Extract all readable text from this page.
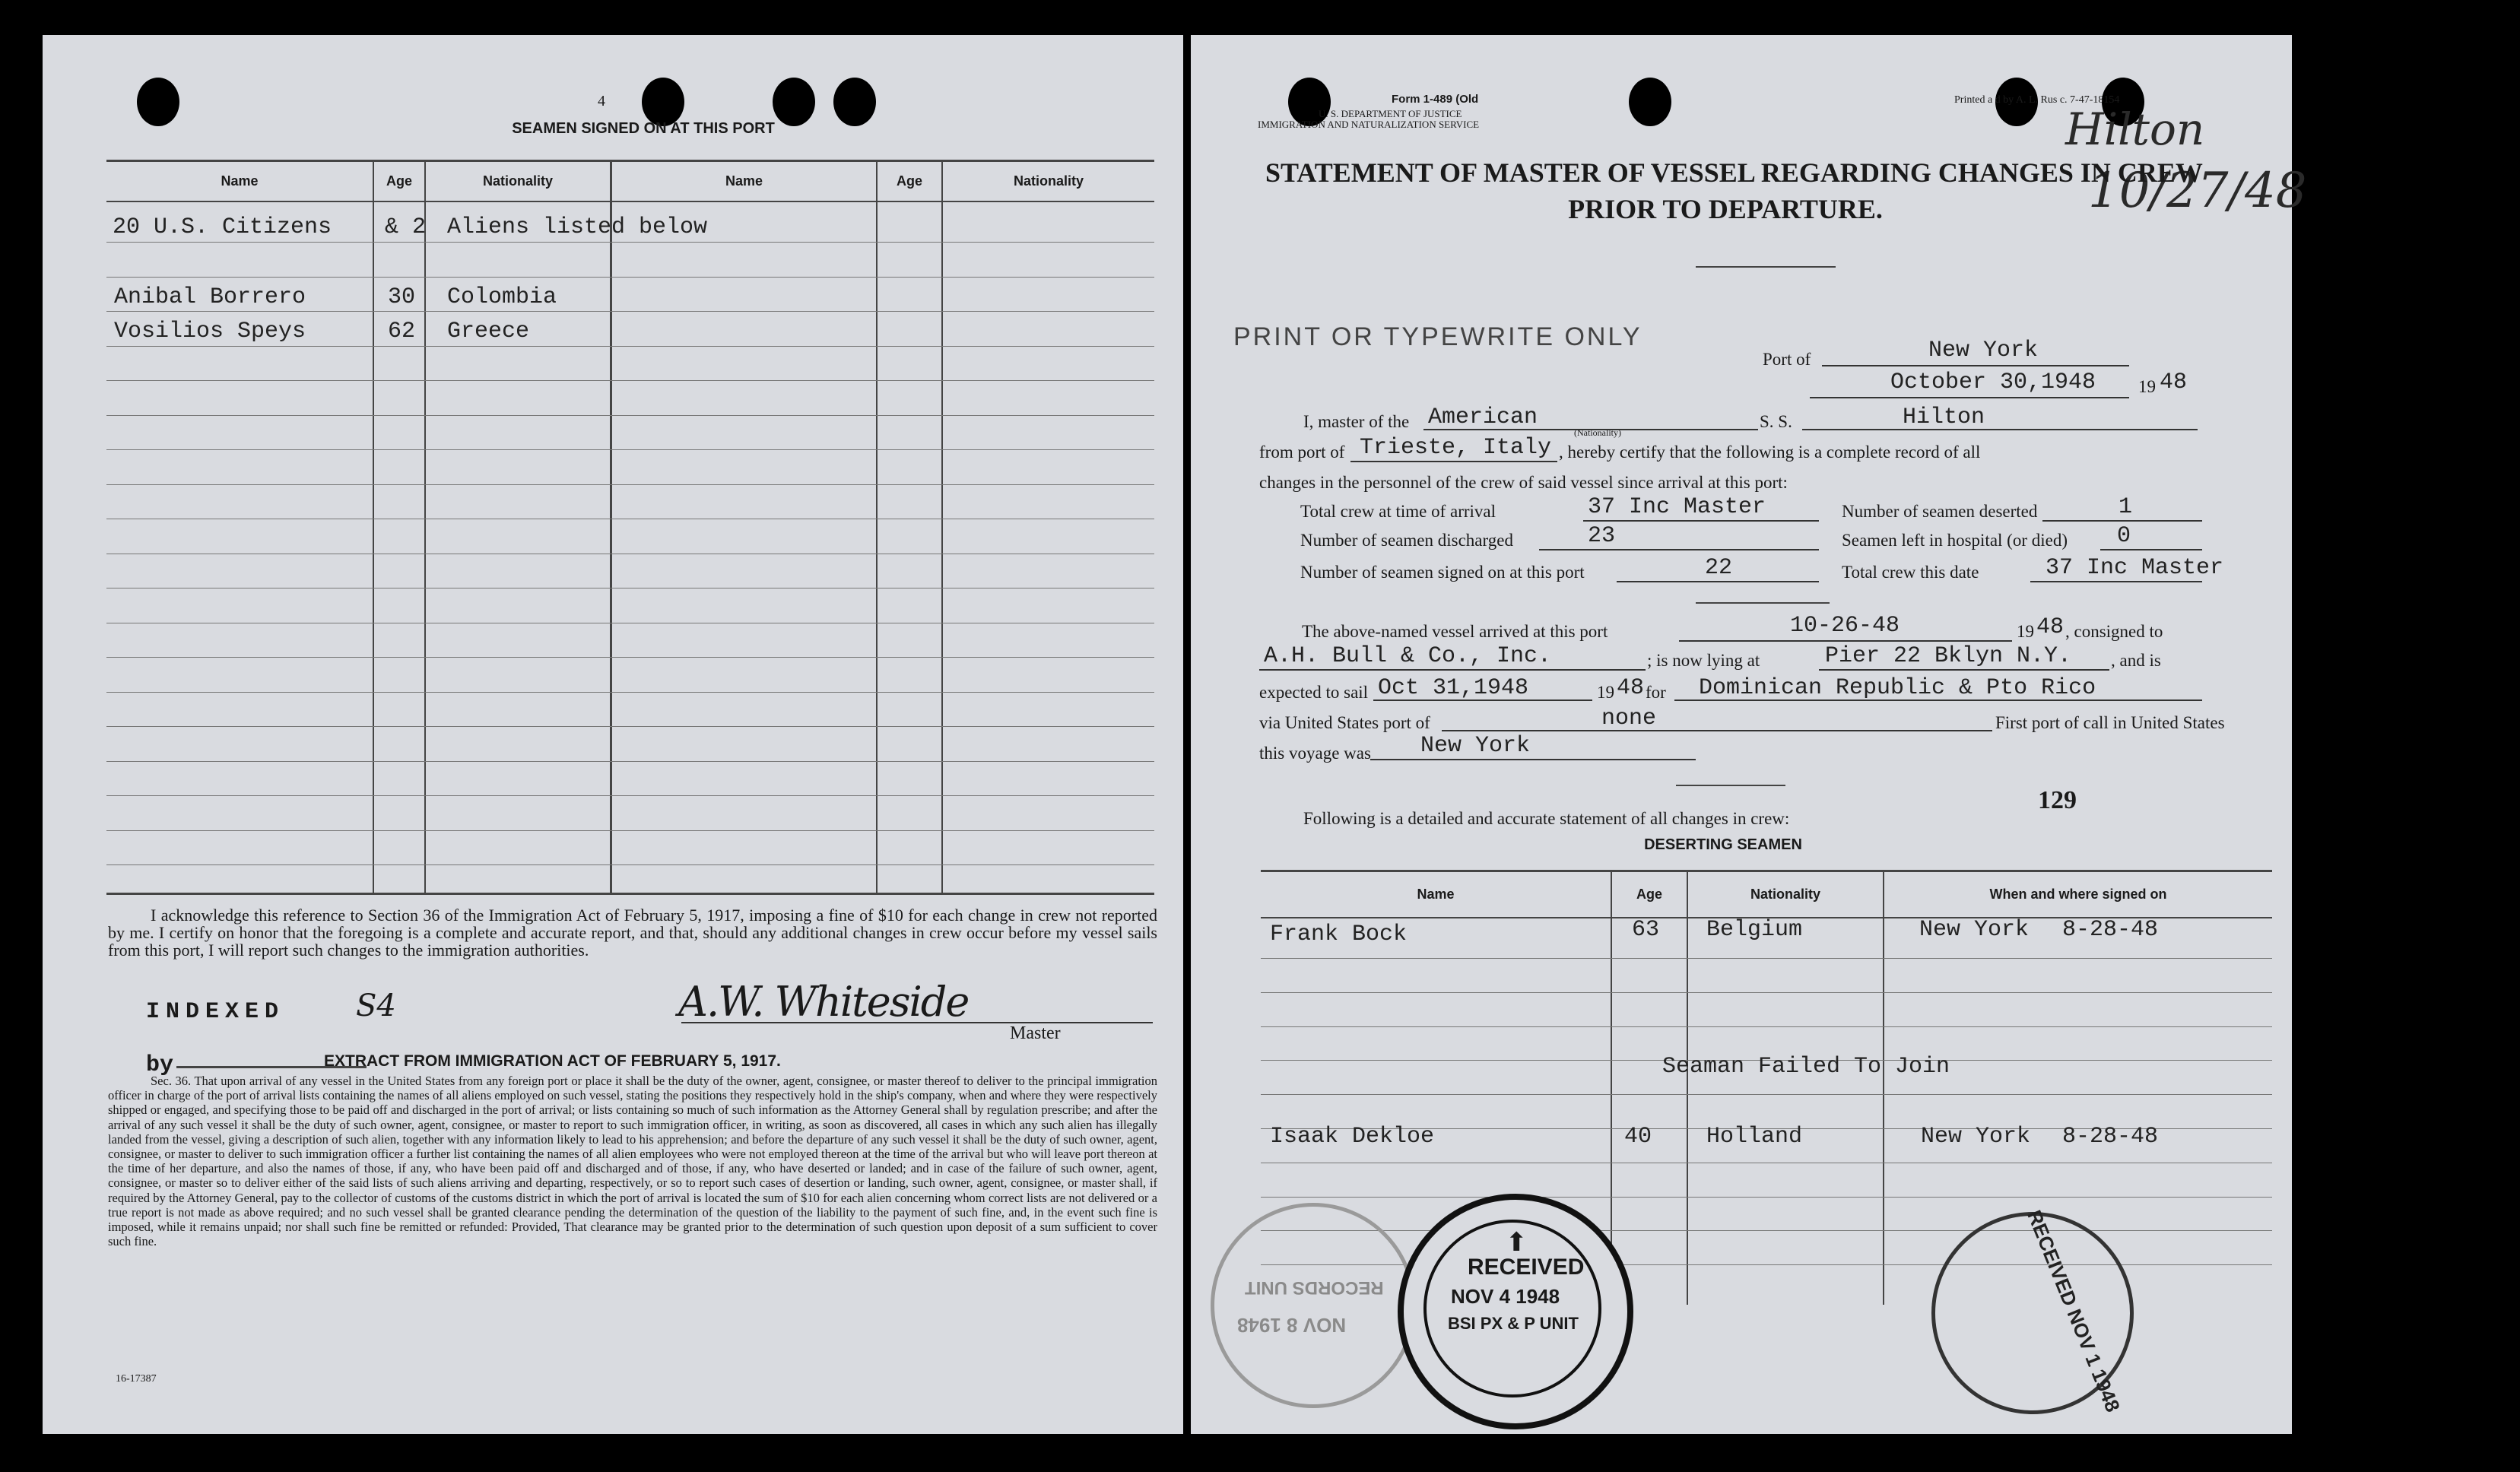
4
SEAMEN SIGNED ON AT THIS PORT
Name	Age	Nationality	Name	Age	Nationality
20 U.S. Citizens & 2 Aliens listed below
Anibal Borrero	30 Colombia
Vosilios Speys	62 Greece
I acknowledge this reference to Section 36 of the Immigration Act of February 5, 1917, imposing a fine of $10 for each change in crew not reported by me. I certify on honor that the foregoing is a complete and accurate report, and that, should any additional changes in crew occur before my vessel sails from this port, I will report such changes to the immigration authorities.
INDEXED S4	A.W. Whiteside
Master
by	EXTRACT FROM IMMIGRATION ACT OF FEBRUARY 5, 1917.
Sec. 36. That upon arrival of any vessel in the United States from any foreign port or place it shall be the duty of the owner, agent, consignee, or master thereof to deliver to the principal immigration officer in charge of the port of arrival lists containing the names of all aliens employed on such vessel, stating the positions they respectively hold in the ship's company, when and where they were respectively shipped or engaged, and specifying those to be paid off and discharged in the port of arrival; or lists containing so much of such information as the Attorney General shall by regulation prescribe; and after the arrival of any such vessel it shall be the duty of such owner, agent, consignee, or master to report to such immigration officer, in writing, as soon as discovered, all cases in which any such alien has illegally landed from the vessel, giving a description of such alien, together with any information likely to lead to his apprehension; and before the departure of any such vessel it shall be the duty of such owner, agent, consignee, or master to deliver to such immigration officer a further list containing the names of all alien employees who were not employed thereon at the time of the arrival but who will leave port thereon at the time of her departure, and also the names of those, if any, who have been paid off and discharged and of those, if any, who have deserted or landed; and in case of the failure of such owner, agent, consignee, or master so to deliver either of the said lists of such aliens arriving and departing, respectively, or so to report such cases of desertion or landing, such owner, agent, consignee, or master shall, if required by the Attorney General, pay to the collector of customs of the customs district in which the port of arrival is located the sum of $10 for each alien concerning whom correct lists are not delivered or a true report is not made as above required; and no such vessel shall be granted clearance pending the determination of the question of the liability to the payment of such fine, and, in the event such fine is imposed, while it remains unpaid; nor shall such fine be remitted or refunded: Provided, That clearance may be granted prior to the determination of such question upon deposit of a sum sufficient to cover such fine.
16-17387
Form 1-489 (Old
U. S. DEPARTMENT OF JUSTICE
IMMIGRATION AND NATURALIZATION SERVICE
Printed a d by A. L. Rus c. 7-47-18154
Hilton
10/27/48
STATEMENT OF MASTER OF VESSEL REGARDING CHANGES IN CREW
PRIOR TO DEPARTURE.
PRINT OR TYPEWRITE ONLY	New York
Port of
October 30,1948 19 48
I, master of the American
(Nationality)
S. S.	Hilton
from port of Trieste, Italy , hereby certify that the following is a complete record of all
changes in the personnel of the crew of said vessel since arrival at this port:
Total crew at time of arrival	37 Inc Master	Number of seamen deserted	1
Number of seamen discharged	23	Seamen left in hospital (or died) 0
Number of seamen signed on at this port	22	Total crew this date	37 Inc Master
The above-named vessel arrived at this port	10-26-48	19 48 , consigned to
A.H. Bull & Co., Inc.	; is now lying at	Pier 22 Bklyn N.Y. , and is
expected to sail Oct 31,1948	19 48 for Dominican Republic & Pto Rico
via United States port of	none	First port of call in United States
this voyage was New York
129
Following is a detailed and accurate statement of all changes in crew:
DESERTING SEAMEN
Name	Age	Nationality	When and where signed on
Frank Bock	63 Belgium	New York 8-28-48
Seaman Failed To Join
Isaak Dekloe	40 Holland	New York 8-28-48
RECORDS UNIT
NOV 8 1948
⬆
RECEIVED
NOV 4 1948
BSI PX & P UNIT	RECEIVED NOV 1 1948
